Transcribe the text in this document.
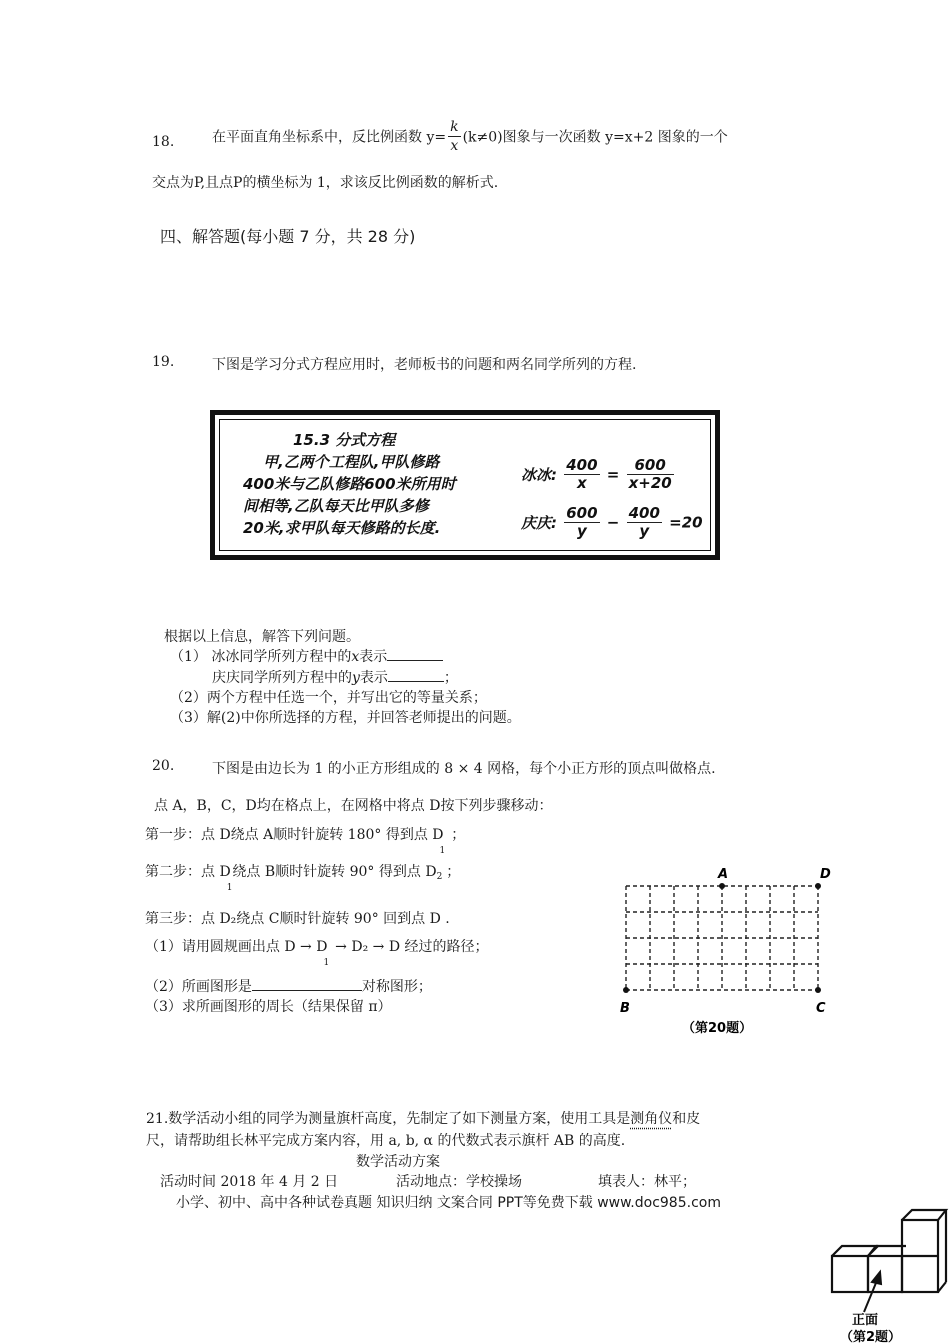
18.	在平面直角坐标系中，反比例函数 $y= \frac{k}{x} (k\ne 0)$图象与一次函数 y=x+2 图象的一个
交点为P,且点P的横坐标为 1，求该反比例函数的解析式.
四、解答题(每小题 7 分，共 28 分)
19.	下图是学习分式方程应用时，老师板书的问题和两名同学所列的方程.
15.3 分式方程
甲,乙两个工程队,甲队修路
400米与乙队修路600米所用时
间相等,乙队每天比甲队多修
20米,求甲队每天修路的长度.
冰冰: $\frac{400}{x} = \frac{600}{x+20}$
庆庆: $\frac{600}{y} - \frac{400}{y} =20$
根据以上信息，解答下列问题。
（1） 冰冰同学所列方程中的x表示
庆庆同学所列方程中的y表示	；
（2）两个方程中任选一个，并写出它的等量关系；
（3）解(2)中你所选择的方程，并回答老师提出的问题。
20.	下图是由边长为 1 的小正方形组成的 8 × 4 网格，每个小正方形的顶点叫做格点.
点 A，B，C，D均在格点上，在网格中将点 D按下列步骤移动：
第一步：点 D绕点 A顺时针旋转 180° 得到点 $D_1$；
第二步：点 $D_1$绕点 B顺时针旋转 90° 得到点 $D_2$ ；
第三步：点 D₂绕点 C顺时针旋转 90° 回到点 D .
（1）请用圆规画出点 $D \to D_1\to D_2 \to D$ 经过的路径；
（2）所画图形是	对称图形；
（3）求所画图形的周长（结果保留 π）
A	D
B	C
（第20题）
21.数学活动小组的同学为测量旗杆高度，先制定了如下测量方案，使用工具是测角仪和皮
尺，请帮助组长林平完成方案内容，用 a, b, α 的代数式表示旗杆 AB 的高度.
数学活动方案
活动时间 2018 年 4 月 2 日	活动地点：学校操场	填表人：林平；
小学、初中、高中各种试卷真题 知识归纳 文案合同 PPT等免费下载 www.doc985.com
正面
（第2题）
